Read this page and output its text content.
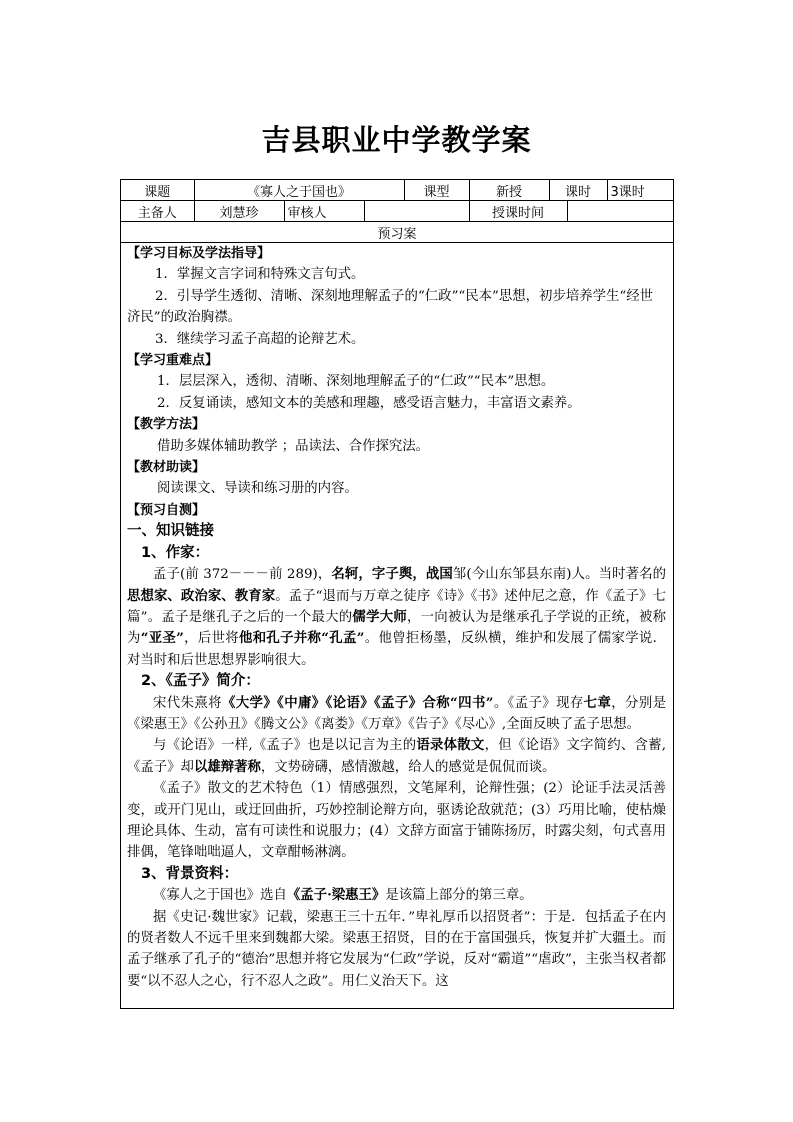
吉县职业中学教学案
课题	《寡人之于国也》	课型	新授	课时	3课时
主备人	刘慧珍	审核人		授课时间	
预习案

【学习目标及学法指导】

1．掌握文言字词和特殊文言句式。

2．引导学生透彻、清晰、深刻地理解孟子的“仁政”“民本”思想，初步培养学生“经世济民”的政治胸襟。

3．继续学习孟子高超的论辩艺术。

【学习重难点】

1．层层深入，透彻、清晰、深刻地理解孟子的“仁政”“民本”思想。

2．反复诵读，感知文本的美感和理趣，感受语言魅力，丰富语文素养。

【教学方法】

借助多媒体辅助教学 ；品读法、合作探究法。

【教材助读】

阅读课文、导读和练习册的内容。

【预习自测】

一、知识链接

1、作家：

孟子(前 372－－－前 289)，名轲，字子舆，战国邹(今山东邹县东南)人。当时著名的思想家、政治家、教育家。孟子“退而与万章之徒序《诗》《书》述仲尼之意，作《孟子》七篇”。孟子是继孔子之后的一个最大的儒学大师，一向被认为是继承孔子学说的正统，被称为“亚圣”，后世将他和孔子并称“孔孟”。他曾拒杨墨，反纵横，维护和发展了儒家学说．对当时和后世思想界影响很大。

2、《孟子》简介：

宋代朱熹将《大学》《中庸》《论语》《孟子》合称“四书”。《孟子》现存七章，分别是《梁惠王》《公孙丑》《腾文公》《离娄》《万章》《告子》《尽心》,全面反映了孟子思想。

与《论语》一样,《孟子》也是以记言为主的语录体散文，但《论语》文字简约、含蓄,《孟子》却以雄辩著称，文势磅礴，感情激越，给人的感觉是侃侃而谈。

《孟子》散文的艺术特色（1）情感强烈，文笔犀利，论辩性强；(2）论证手法灵活善变，或开门见山，或迂回曲折，巧妙控制论辩方向，驱诱论敌就范；(3）巧用比喻，使枯燥理论具体、生动，富有可读性和说服力；(4）文辞方面富于铺陈扬厉，时露尖刻，句式喜用排偶，笔锋咄咄逼人，文章酣畅淋漓。

3、背景资料：

《寡人之于国也》选自《孟子·梁惠王》是该篇上部分的第三章。

据《史记·魏世家》记载，梁惠王三十五年．”卑礼厚币以招贤者”：于是．包括孟子在内的贤者数人不远千里来到魏都大梁。梁惠王招贤，目的在于富国强兵，恢复并扩大疆土。而孟子继承了孔子的“德治”思想并将它发展为“仁政”学说，反对“霸道”“虐政”，主张当权者都要“以不忍人之心，行不忍人之政”。用仁义治天下。这
